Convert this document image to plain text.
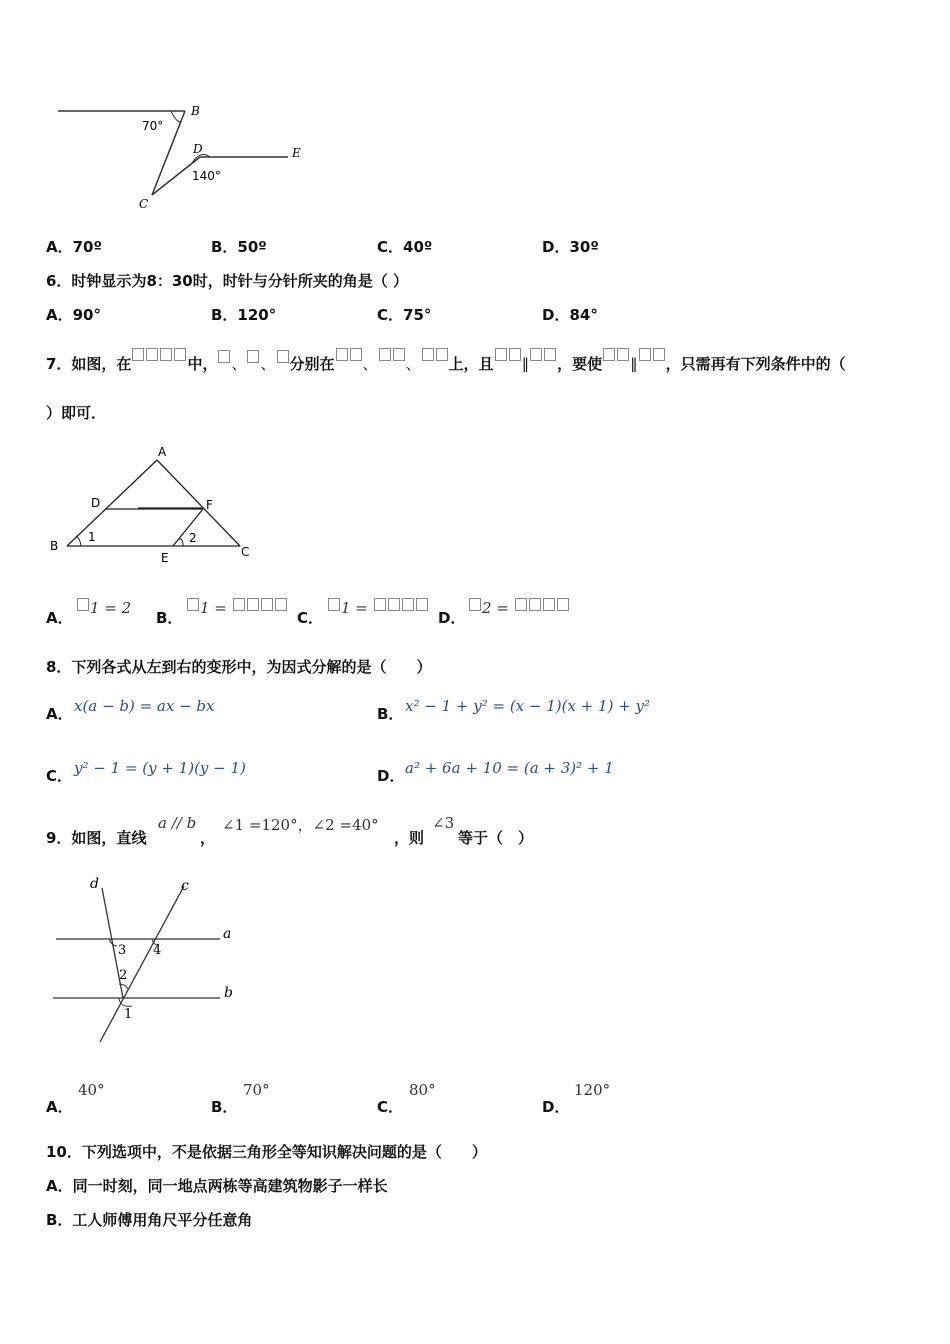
B
D	E
C
70°
140°
A．70º	B．50º	C．40º	D．30º
6．时钟显示为8：30时，时针与分针所夹的角是（ ）
A．90°	B．120°	C．75°	D．84°
7．如图，在	中， 、 、 分别在 、 、 上，且 ∥ ，要使 ∥ ，只需再有下列条件中的（
）即可．
A
D	F
B
E	C
1	2
A．
1 = 2
B．
1 =
C．
1 =
D．
2 =
8．下列各式从左到右的变形中，为因式分解的是（　　）
A． x(a − b) = ax − bx	B． x² − 1 + y² = (x − 1)(x + 1) + y²
C． y² − 1 = (y + 1)(y − 1)	D． a² + 6a + 10 = (a + 3)² + 1
9．如图，直线
a // b
，
∠1 =120°，∠2 =40°
，则
∠3
等于（　）
d	c
a
b
3 4
2
1
A．
40°
B．
70°
C．
80°
D．
120°
10．下列选项中，不是依据三角形全等知识解决问题的是（　　）
A．同一时刻，同一地点两栋等高建筑物影子一样长
B．工人师傅用角尺平分任意角
